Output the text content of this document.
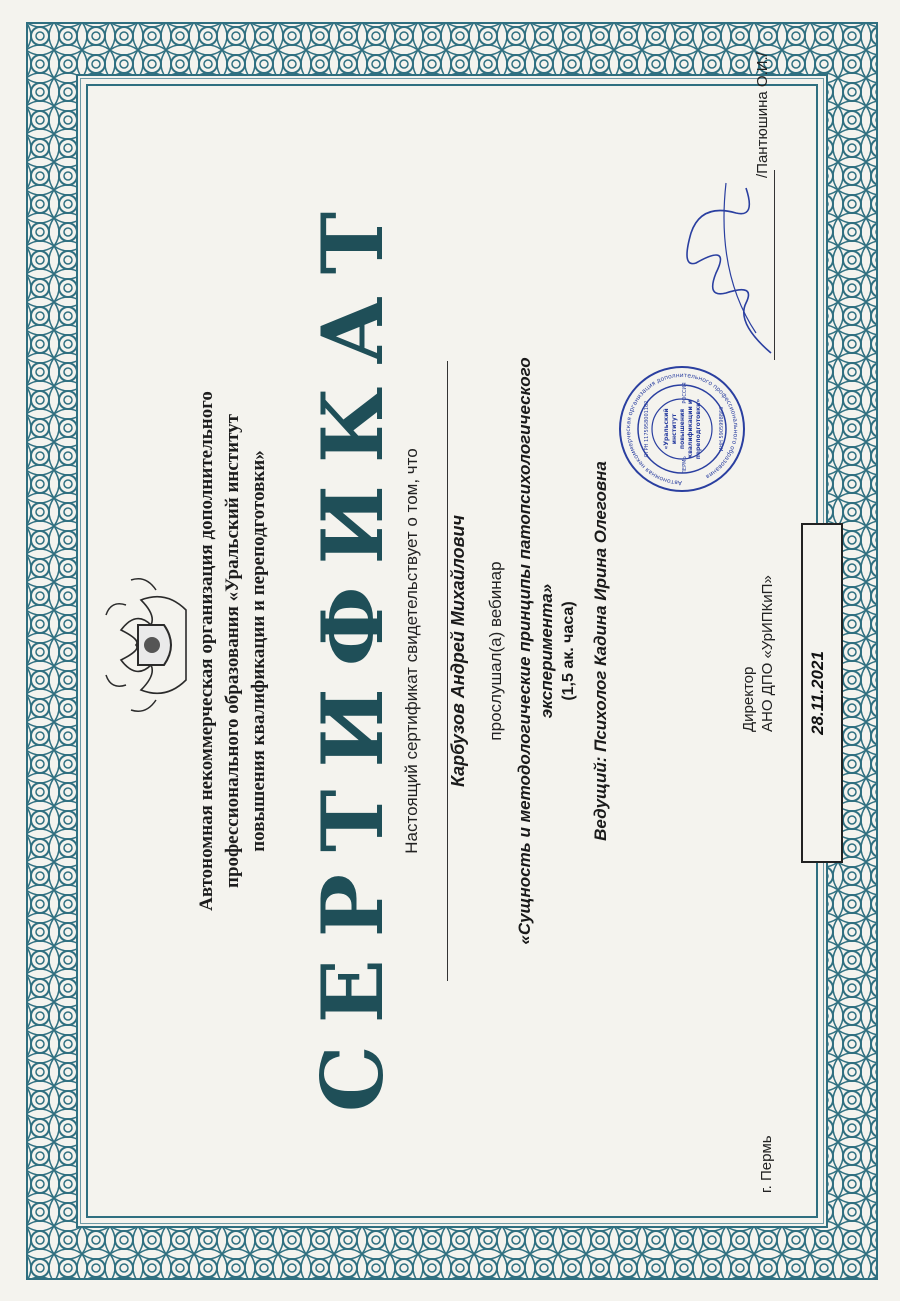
Автономная некоммерческая организация дополнительного профессионального образования «Уральский институт повышения квалификации и переподготовки» СЕРТИФИКАТ Настоящий сертификат свидетельствует о том, что Карбузов Андрей Михайлович прослушал(а) вебинар «Сущность и методологические принципы патопсихологического эксперимента» (1,5 ак. часа) Ведущий: Психолог Кадина Ирина Олеговна
г. Пермь
Директор АНО ДПО «УрИПКиП»
Автономная некоммерческая организация дополнительного профессионального образования
ОГРН 1175958001162	ИНН 5905998860
«Уральский институт повышения квалификации и переподготовки»
ПЕРМЬ
РОССИЯ
/Пантюшина О.И./
28.11.2021
